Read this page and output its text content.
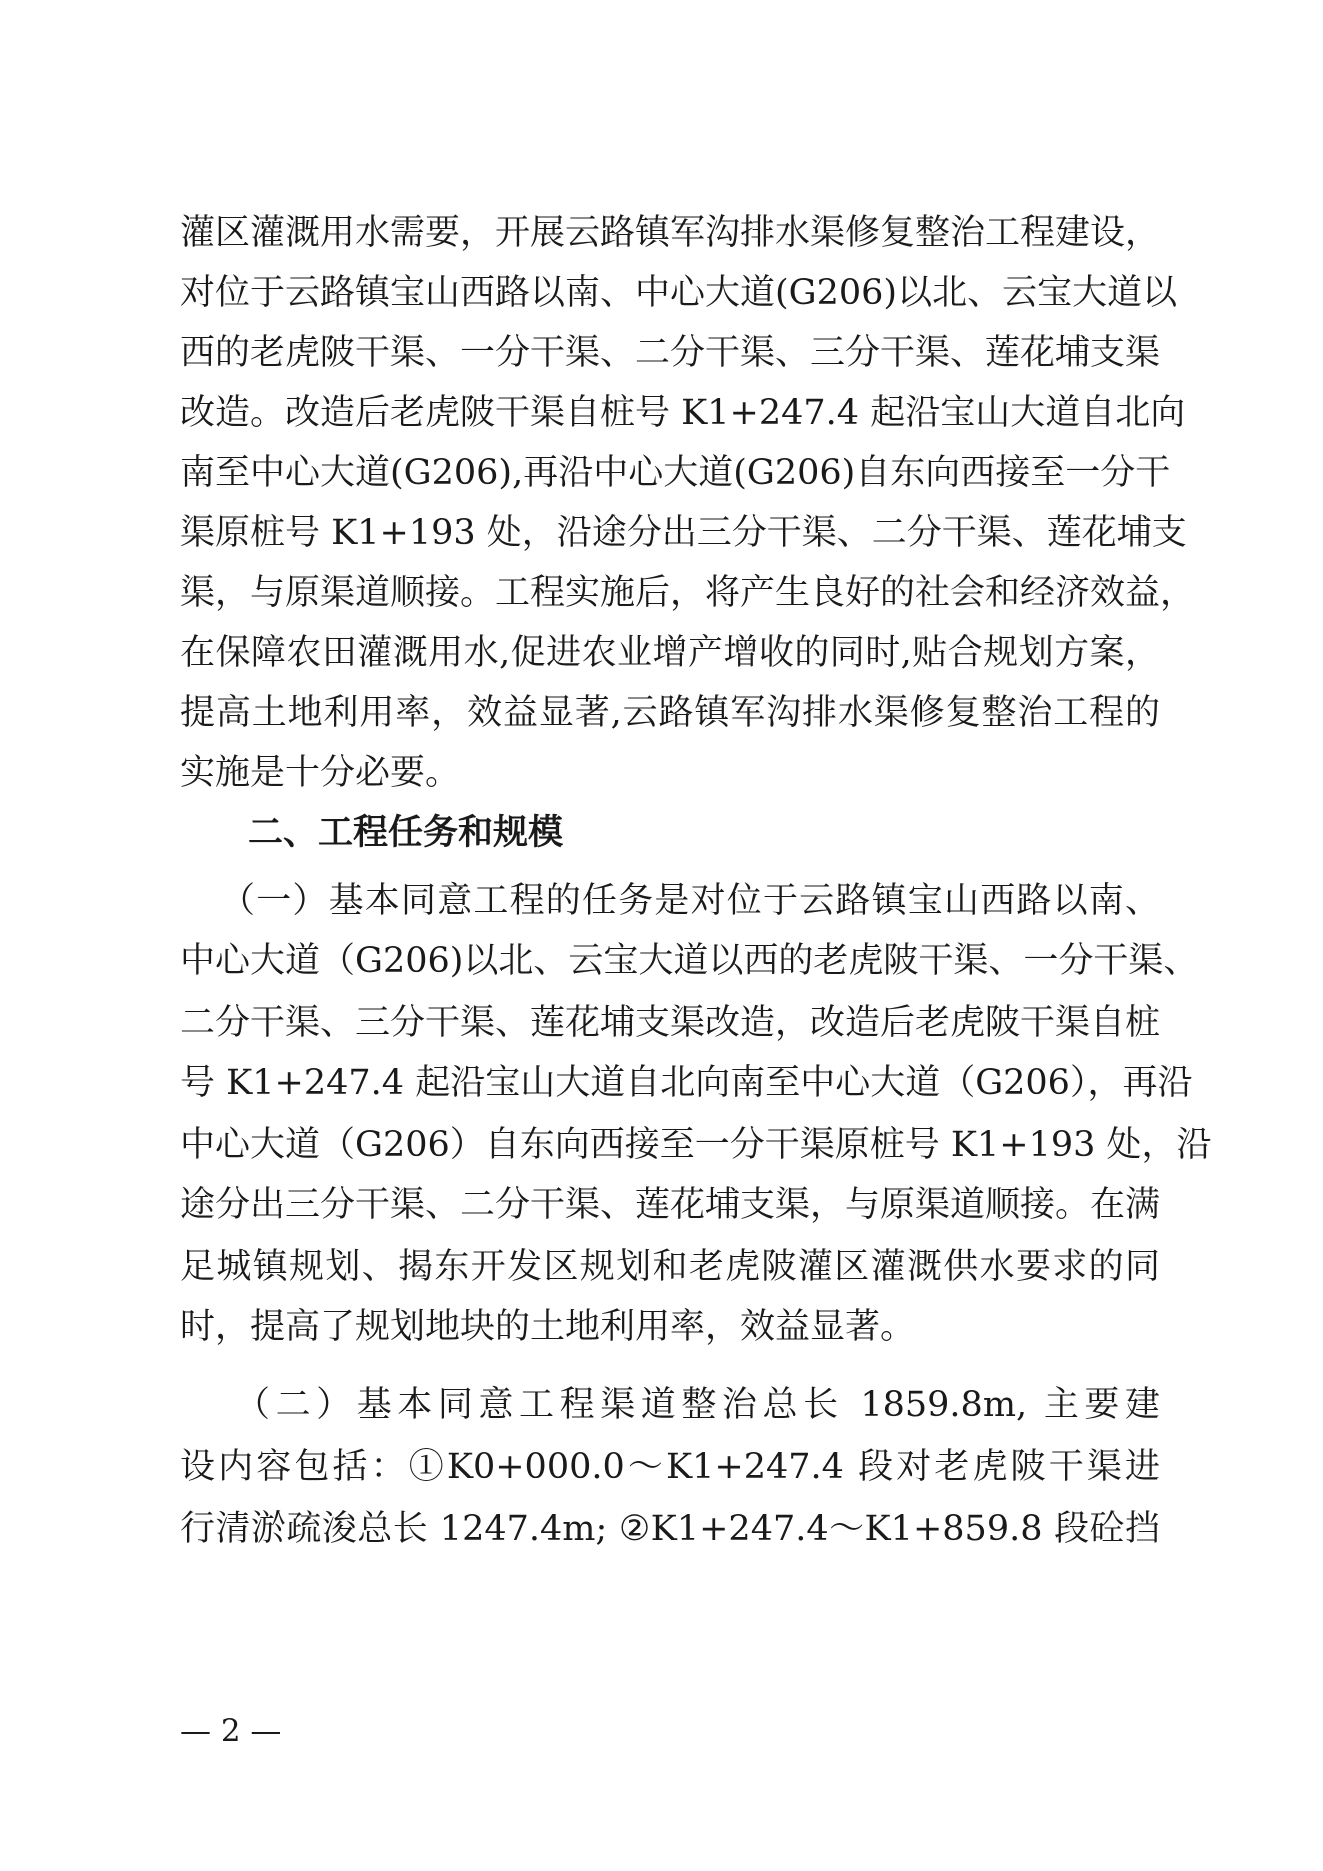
灌区灌溉用水需要，开展云路镇军沟排水渠修复整治工程建设，
对位于云路镇宝山西路以南、中心大道(G206)以北、云宝大道以
西的老虎陂干渠、一分干渠、二分干渠、三分干渠、莲花埔支渠
改造。改造后老虎陂干渠自桩号 K1+247.4 起沿宝山大道自北向
南至中心大道(G206),再沿中心大道(G206)自东向西接至一分干
渠原桩号 K1+193 处，沿途分出三分干渠、二分干渠、莲花埔支
渠，与原渠道顺接。工程实施后，将产生良好的社会和经济效益，
在保障农田灌溉用水,促进农业增产增收的同时,贴合规划方案，
提高土地利用率，效益显著,云路镇军沟排水渠修复整治工程的
实施是十分必要。
二、工程任务和规模
（一）基本同意工程的任务是对位于云路镇宝山西路以南、
中心大道（G206)以北、云宝大道以西的老虎陂干渠、一分干渠、
二分干渠、三分干渠、莲花埔支渠改造，改造后老虎陂干渠自桩
号 K1+247.4 起沿宝山大道自北向南至中心大道（G206），再沿
中心大道（G206）自东向西接至一分干渠原桩号 K1+193 处，沿
途分出三分干渠、二分干渠、莲花埔支渠，与原渠道顺接。在满
足城镇规划、揭东开发区规划和老虎陂灌区灌溉供水要求的同
时，提高了规划地块的土地利用率，效益显著。
（二）基本同意工程渠道整治总长 1859.8m, 主要建
设内容包括：①K0+000.0～K1+247.4 段对老虎陂干渠进
行清淤疏浚总长 1247.4m; ②K1+247.4～K1+859.8 段砼挡
— 2 —
